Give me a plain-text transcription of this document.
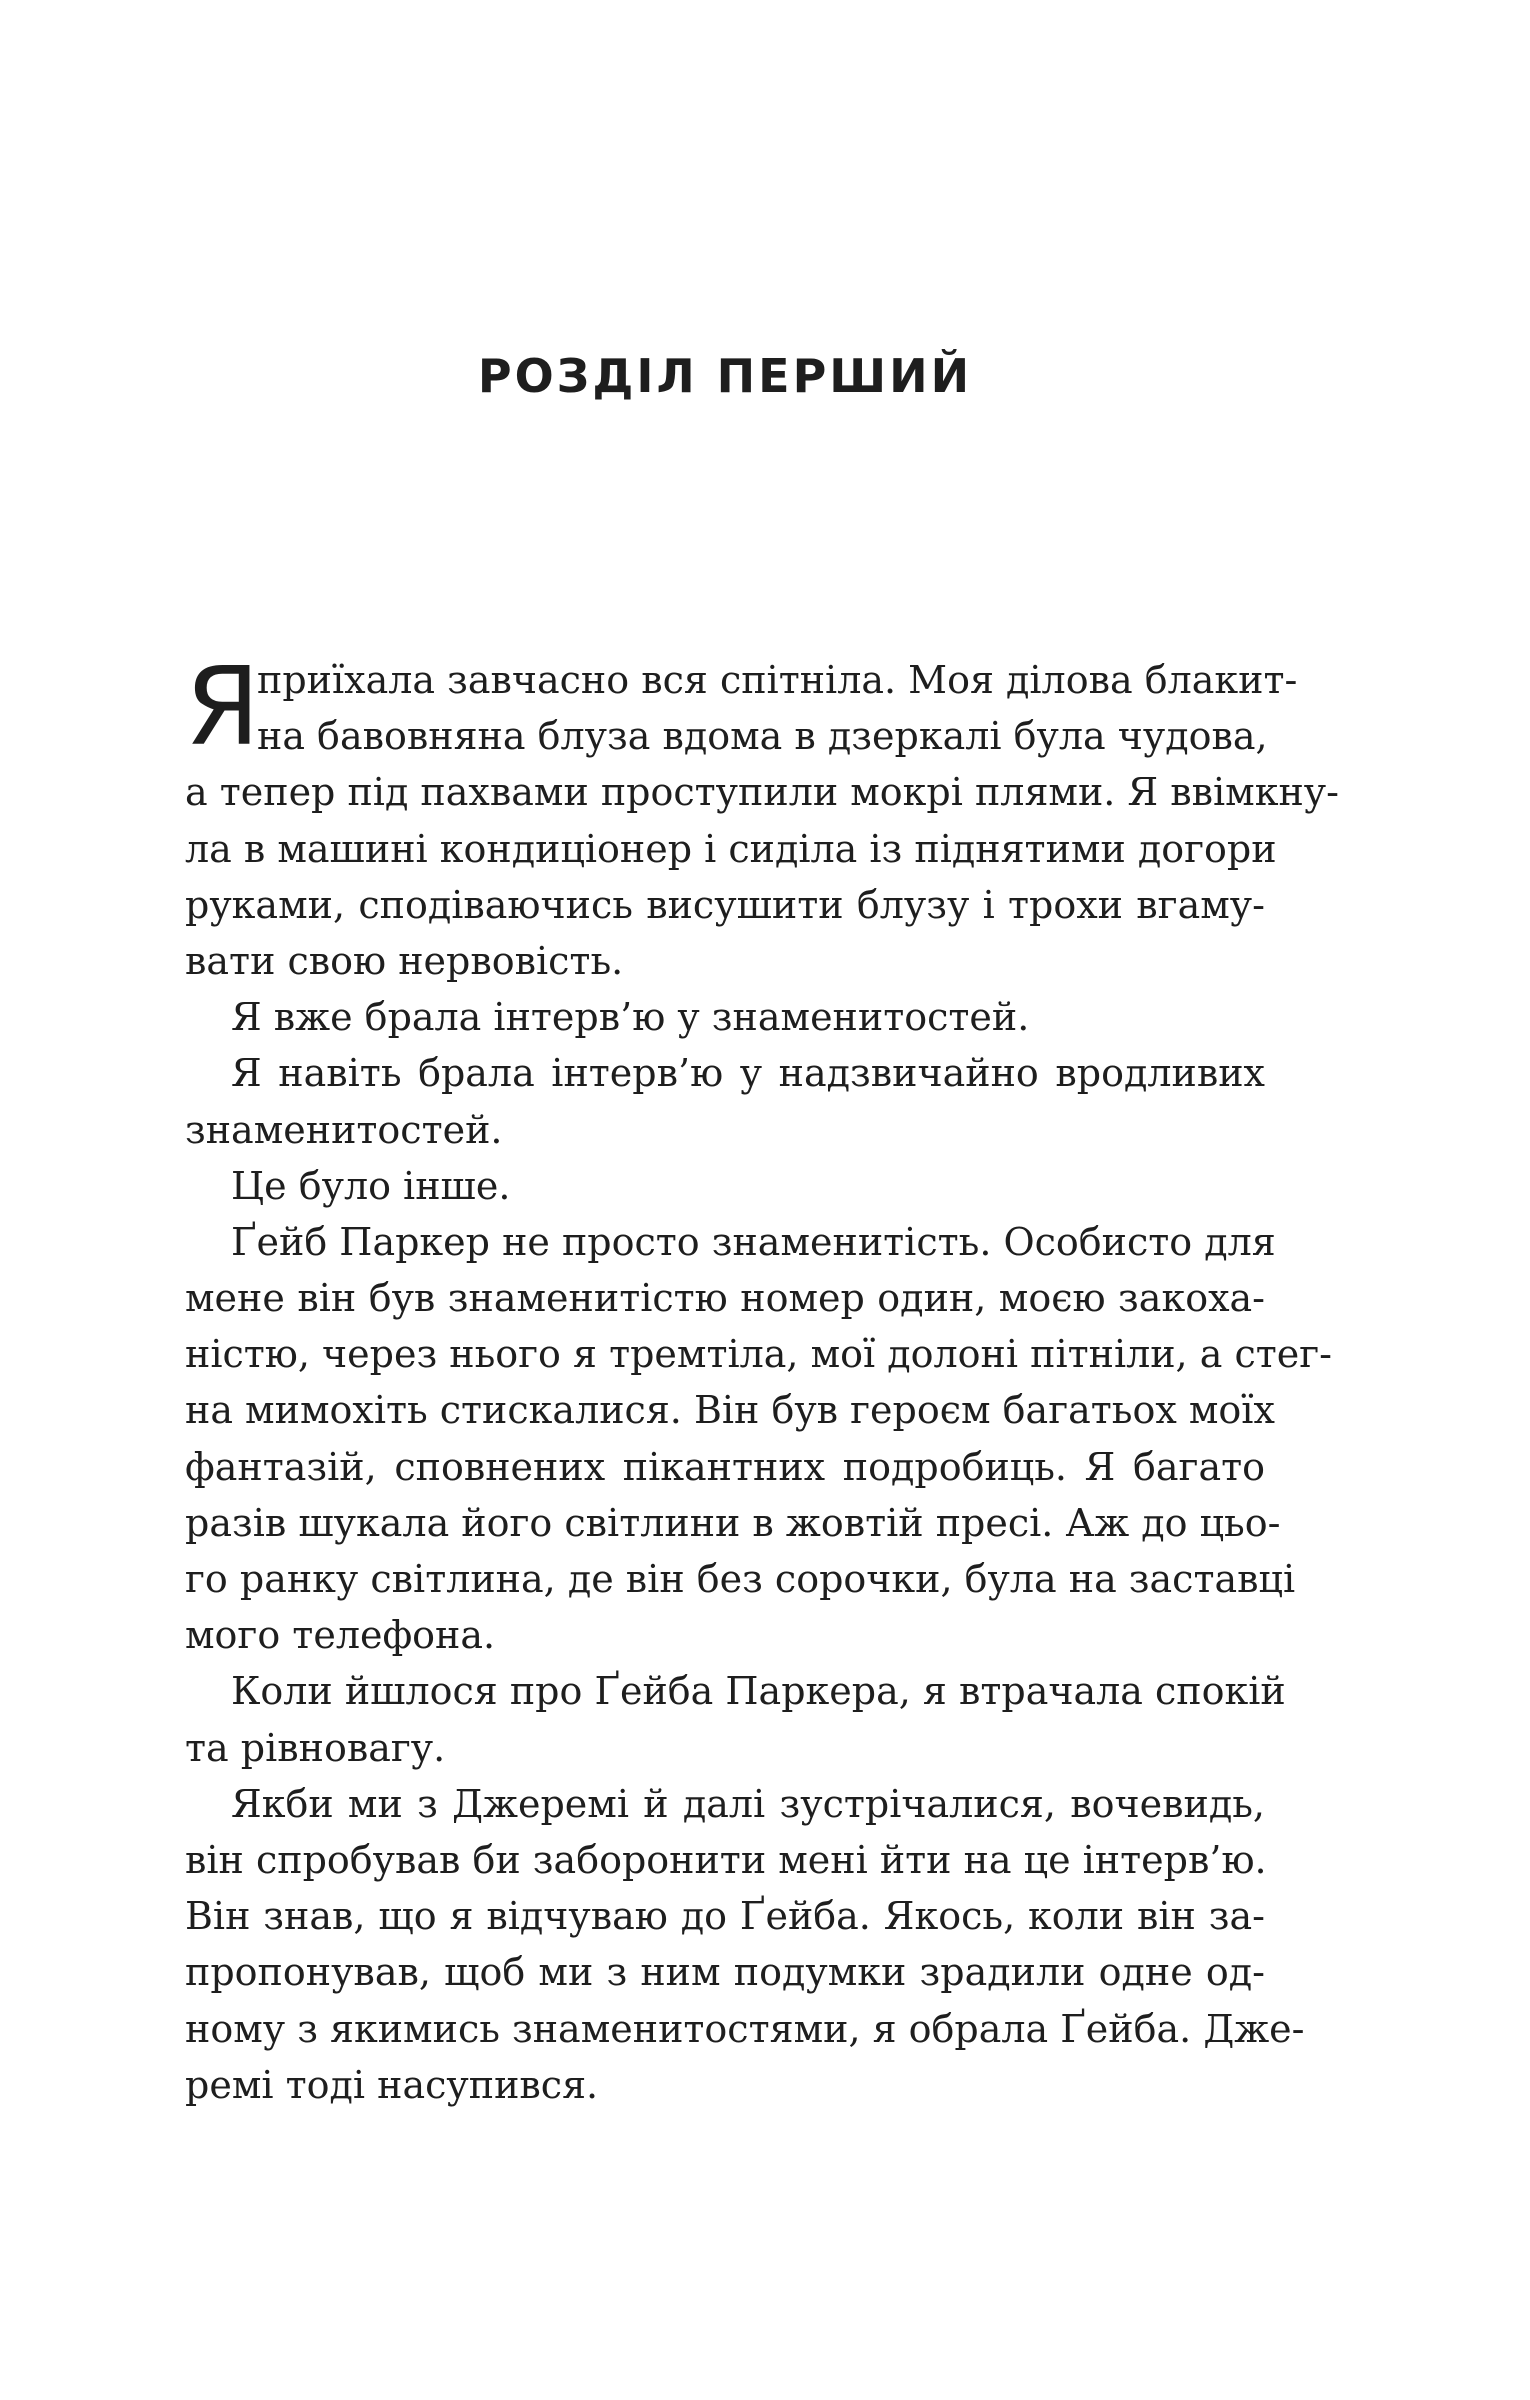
РОЗДІЛ ПЕРШИЙ
Я
приїхала завчасно вся спітніла. Моя ділова блакит-
на бавовняна блуза вдома в дзеркалі була чудова,
а тепер під пахвами проступили мокрі плями. Я ввімкну-
ла в машині кондиціонер і сиділа із піднятими догори
руками, сподіваючись висушити блузу і трохи вгаму-
вати свою нервовість.
Я вже брала інтерв’ю у знаменитостей.
Я навіть брала інтерв’ю у надзвичайно вродливих
знаменитостей.
Це було інше.
Ґейб Паркер не просто знаменитість. Особисто для
мене він був знаменитістю номер один, моєю закоха-
ністю, через нього я тремтіла, мої долоні пітніли, а стег-
на мимохіть стискалися. Він був героєм багатьох моїх
фантазій, сповнених пікантних подробиць. Я багато
разів шукала його світлини в жовтій пресі. Аж до цьо-
го ранку світлина, де він без сорочки, була на заставці
мого телефона.
Коли йшлося про Ґейба Паркера, я втрачала спокій
та рівновагу.
Якби ми з Джеремі й далі зустрічалися, вочевидь,
він спробував би заборонити мені йти на це інтерв’ю.
Він знав, що я відчуваю до Ґейба. Якось, коли він за-
пропонував, щоб ми з ним подумки зрадили одне од-
ному з якимись знаменитостями, я обрала Ґейба. Дже-
ремі тоді насупився.
